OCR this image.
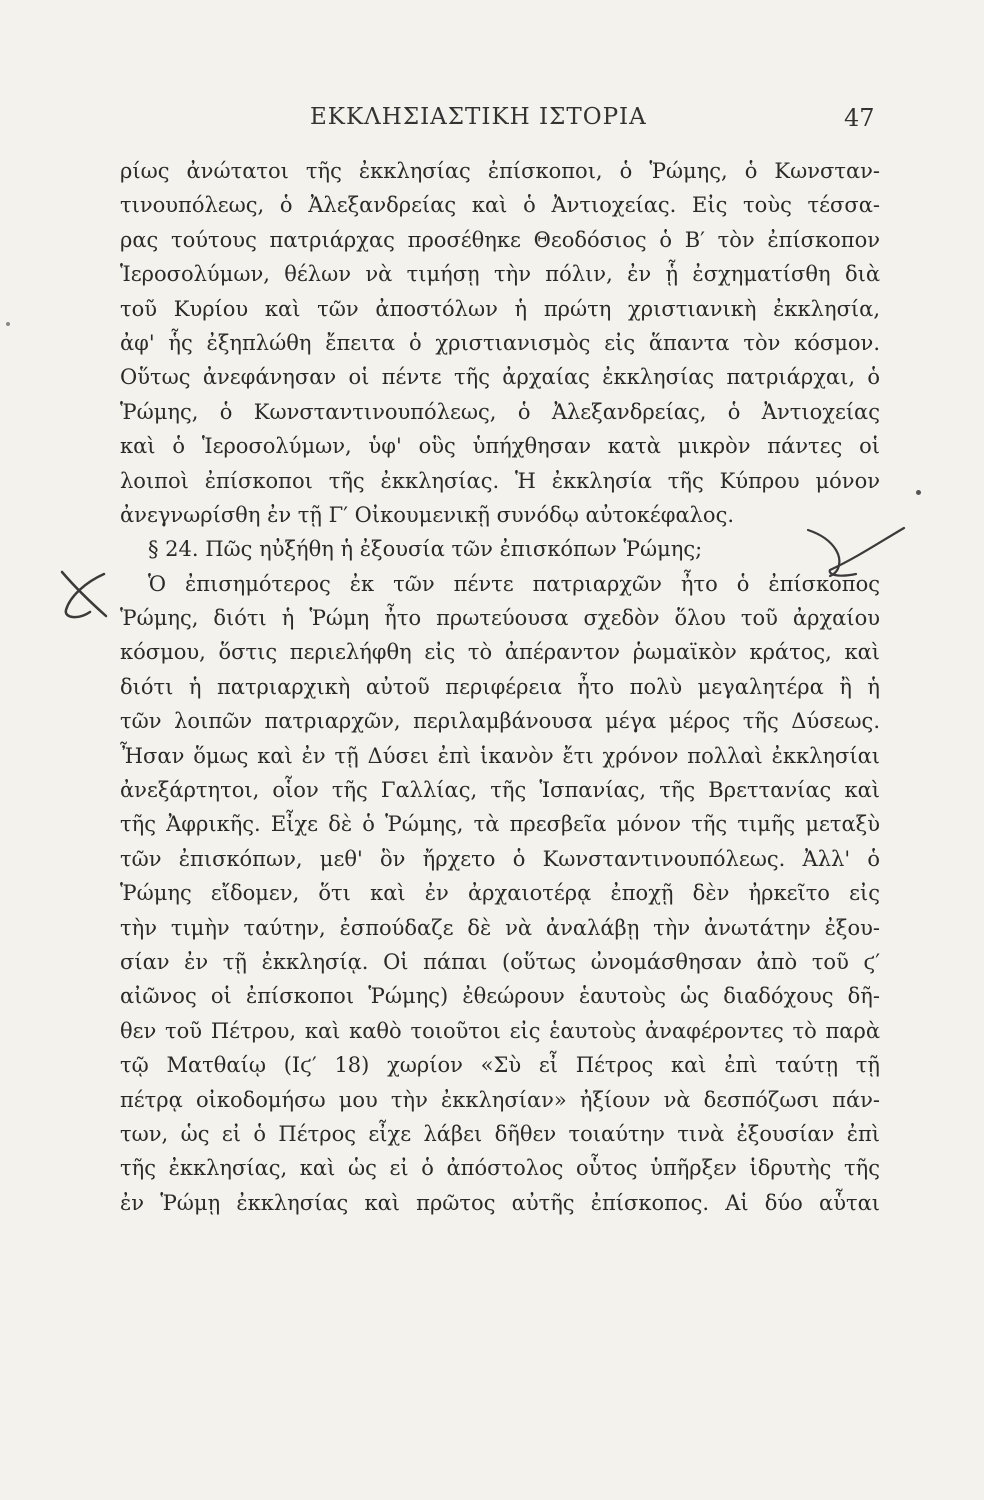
ΕΚΚΛΗΣΙΑΣΤΙΚΗ ΙΣΤΟΡΙΑ	47
ρίως ἀνώτατοι τῆς ἐκκλησίας ἐπίσκοποι, ὁ Ῥώμης, ὁ Κωνσταν-
τινουπόλεως, ὁ Ἀλεξανδρείας καὶ ὁ Ἀντιοχείας. Εἰς τοὺς τέσσα-
ρας τούτους πατριάρχας προσέθηκε Θεοδόσιος ὁ Β′ τὸν ἐπίσκοπον
Ἱεροσολύμων, θέλων νὰ τιμήσῃ τὴν πόλιν, ἐν ᾗ ἐσχηματίσθη διὰ
τοῦ Κυρίου καὶ τῶν ἀποστόλων ἡ πρώτη χριστιανικὴ ἐκκλησία,
ἀφ' ἧς ἐξηπλώθη ἔπειτα ὁ χριστιανισμὸς εἰς ἅπαντα τὸν κόσμον.
Οὕτως ἀνεφάνησαν οἱ πέντε τῆς ἀρχαίας ἐκκλησίας πατριάρχαι, ὁ
Ῥώμης, ὁ Κωνσταντινουπόλεως, ὁ Ἀλεξανδρείας, ὁ Ἀντιοχείας
καὶ ὁ Ἱεροσολύμων, ὑφ' οὓς ὑπήχθησαν κατὰ μικρὸν πάντες οἱ
λοιποὶ ἐπίσκοποι τῆς ἐκκλησίας. Ἡ ἐκκλησία τῆς Κύπρου μόνον
ἀνεγνωρίσθη ἐν τῇ Γ′ Οἰκουμενικῇ συνόδῳ αὐτοκέφαλος.
§ 24. Πῶς ηὐξήθη ἡ ἐξουσία τῶν ἐπισκόπων Ῥώμης;
Ὁ ἐπισημότερος ἐκ τῶν πέντε πατριαρχῶν ἦτο ὁ ἐπίσκοπος
Ῥώμης, διότι ἡ Ῥώμη ἦτο πρωτεύουσα σχεδὸν ὅλου τοῦ ἀρχαίου
κόσμου, ὅστις περιελήφθη εἰς τὸ ἀπέραντον ῥωμαϊκὸν κράτος, καὶ
διότι ἡ πατριαρχικὴ αὐτοῦ περιφέρεια ἦτο πολὺ μεγαλητέρα ἢ ἡ
τῶν λοιπῶν πατριαρχῶν, περιλαμβάνουσα μέγα μέρος τῆς Δύσεως.
Ἦσαν ὅμως καὶ ἐν τῇ Δύσει ἐπὶ ἱκανὸν ἔτι χρόνον πολλαὶ ἐκκλησίαι
ἀνεξάρτητοι, οἷον τῆς Γαλλίας, τῆς Ἱσπανίας, τῆς Βρεττανίας καὶ
τῆς Ἀφρικῆς. Εἶχε δὲ ὁ Ῥώμης, τὰ πρεσβεῖα μόνον τῆς τιμῆς μεταξὺ
τῶν ἐπισκόπων, μεθ' ὃν ἤρχετο ὁ Κωνσταντινουπόλεως. Ἀλλ' ὁ
Ῥώμης εἴδομεν, ὅτι καὶ ἐν ἀρχαιοτέρᾳ ἐποχῇ δὲν ἠρκεῖτο εἰς
τὴν τιμὴν ταύτην, ἐσπούδαζε δὲ νὰ ἀναλάβῃ τὴν ἀνωτάτην ἐξου-
σίαν ἐν τῇ ἐκκλησίᾳ. Οἱ πάπαι (οὕτως ὠνομάσθησαν ἀπὸ τοῦ ϛ′
αἰῶνος οἱ ἐπίσκοποι Ῥώμης) ἐθεώρουν ἑαυτοὺς ὡς διαδόχους δῆ-
θεν τοῦ Πέτρου, καὶ καθὸ τοιοῦτοι εἰς ἑαυτοὺς ἀναφέροντες τὸ παρὰ
τῷ Ματθαίῳ (Ιϛ′ 18) χωρίον «Σὺ εἶ Πέτρος καὶ ἐπὶ ταύτῃ τῇ
πέτρᾳ οἰκοδομήσω μου τὴν ἐκκλησίαν» ἠξίουν νὰ δεσπόζωσι πάν-
των, ὡς εἰ ὁ Πέτρος εἶχε λάβει δῆθεν τοιαύτην τινὰ ἐξουσίαν ἐπὶ
τῆς ἐκκλησίας, καὶ ὡς εἰ ὁ ἀπόστολος οὗτος ὑπῆρξεν ἱδρυτὴς τῆς
ἐν Ῥώμῃ ἐκκλησίας καὶ πρῶτος αὐτῆς ἐπίσκοπος. Αἱ δύο αὗται
